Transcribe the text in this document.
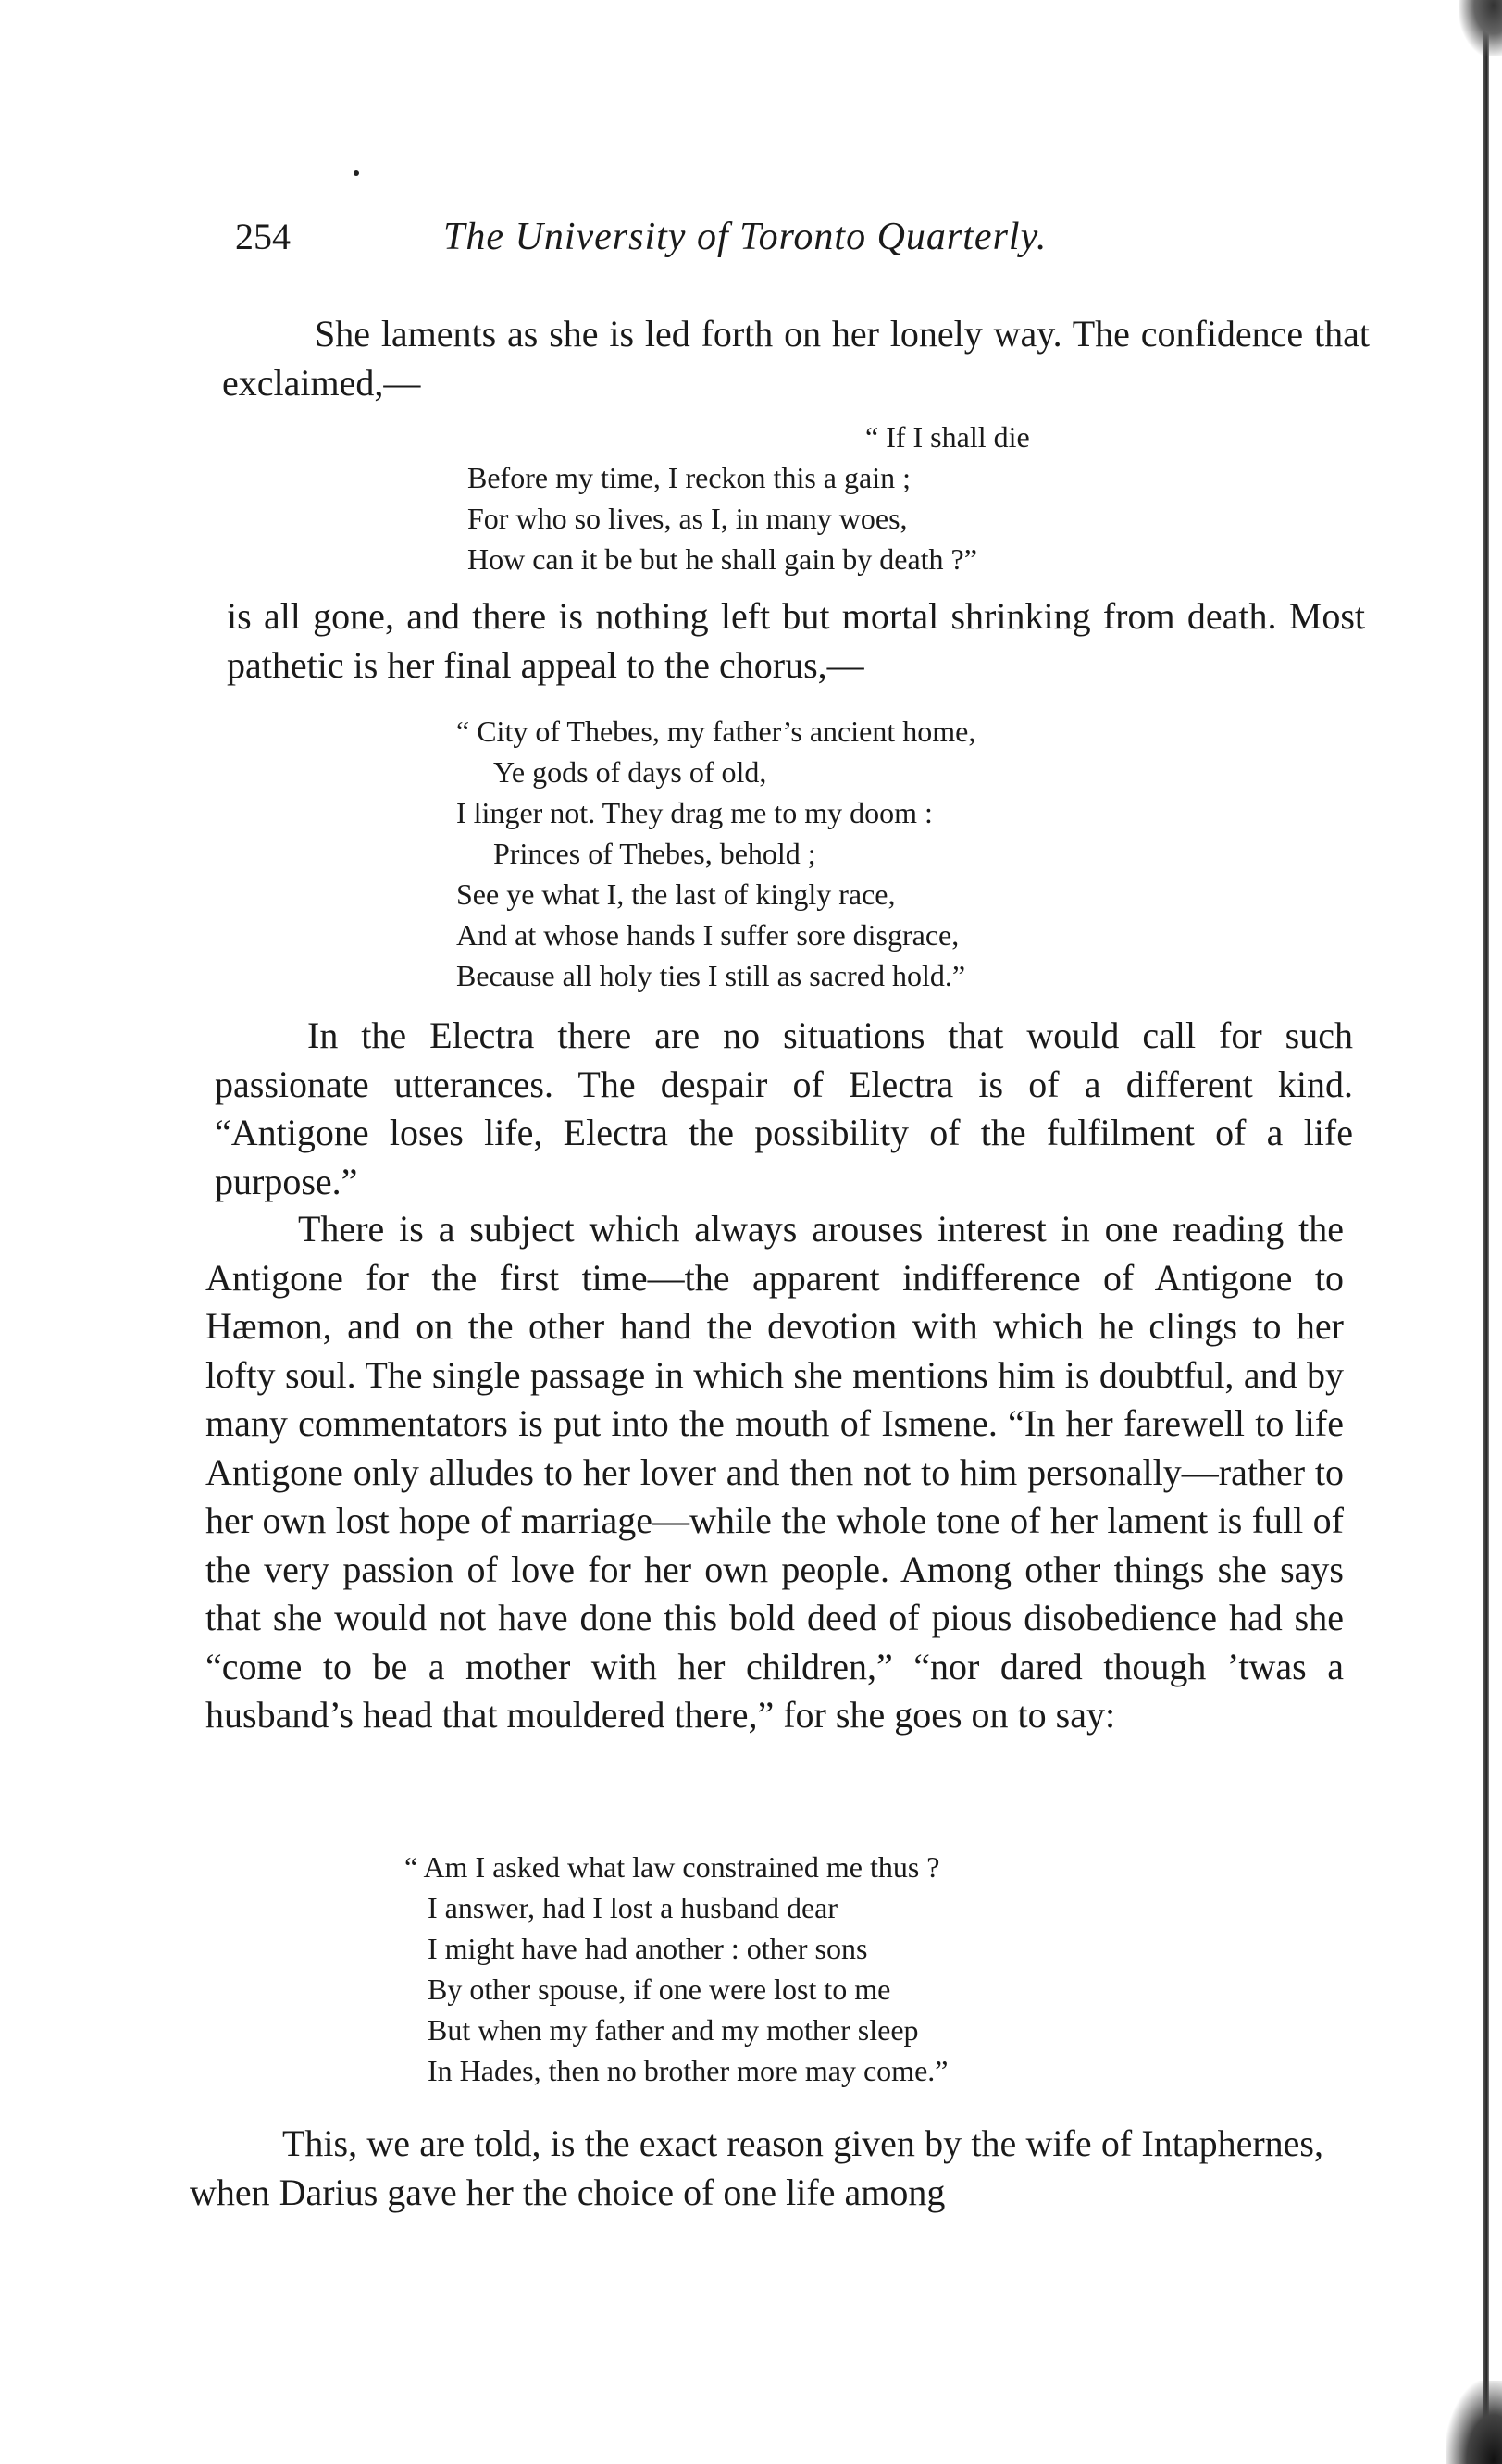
254	The University of Toronto Quarterly.

She laments as she is led forth on her lonely way. The confidence that exclaimed,—

“ If I shall die
Before my time, I reckon this a gain ;
For who so lives, as I, in many woes,
How can it be but he shall gain by death ?”

is all gone, and there is nothing left but mortal shrinking from death. Most pathetic is her final appeal to the chorus,—

“ City of Thebes, my father’s ancient home,
Ye gods of days of old,
I linger not. They drag me to my doom :
Princes of Thebes, behold ;
See ye what I, the last of kingly race,
And at whose hands I suffer sore disgrace,
Because all holy ties I still as sacred hold.”

In the Electra there are no situations that would call for such passionate utterances. The despair of Electra is of a different kind. “Antigone loses life, Electra the possibility of the fulfilment of a life purpose.”

There is a subject which always arouses interest in one reading the Antigone for the first time—the apparent indifference of Antigone to Hæmon, and on the other hand the devotion with which he clings to her lofty soul. The single passage in which she mentions him is doubtful, and by many commentators is put into the mouth of Ismene. “In her farewell to life Antigone only alludes to her lover and then not to him personally—rather to her own lost hope of marriage—while the whole tone of her lament is full of the very passion of love for her own people. Among other things she says that she would not have done this bold deed of pious disobedience had she “come to be a mother with her children,” “nor dared though ’twas a husband’s head that mouldered there,” for she goes on to say:

“ Am I asked what law constrained me thus ?
I answer, had I lost a husband dear
I might have had another : other sons
By other spouse, if one were lost to me
But when my father and my mother sleep
In Hades, then no brother more may come.”

This, we are told, is the exact reason given by the wife of Intaphernes, when Darius gave her the choice of one life among
